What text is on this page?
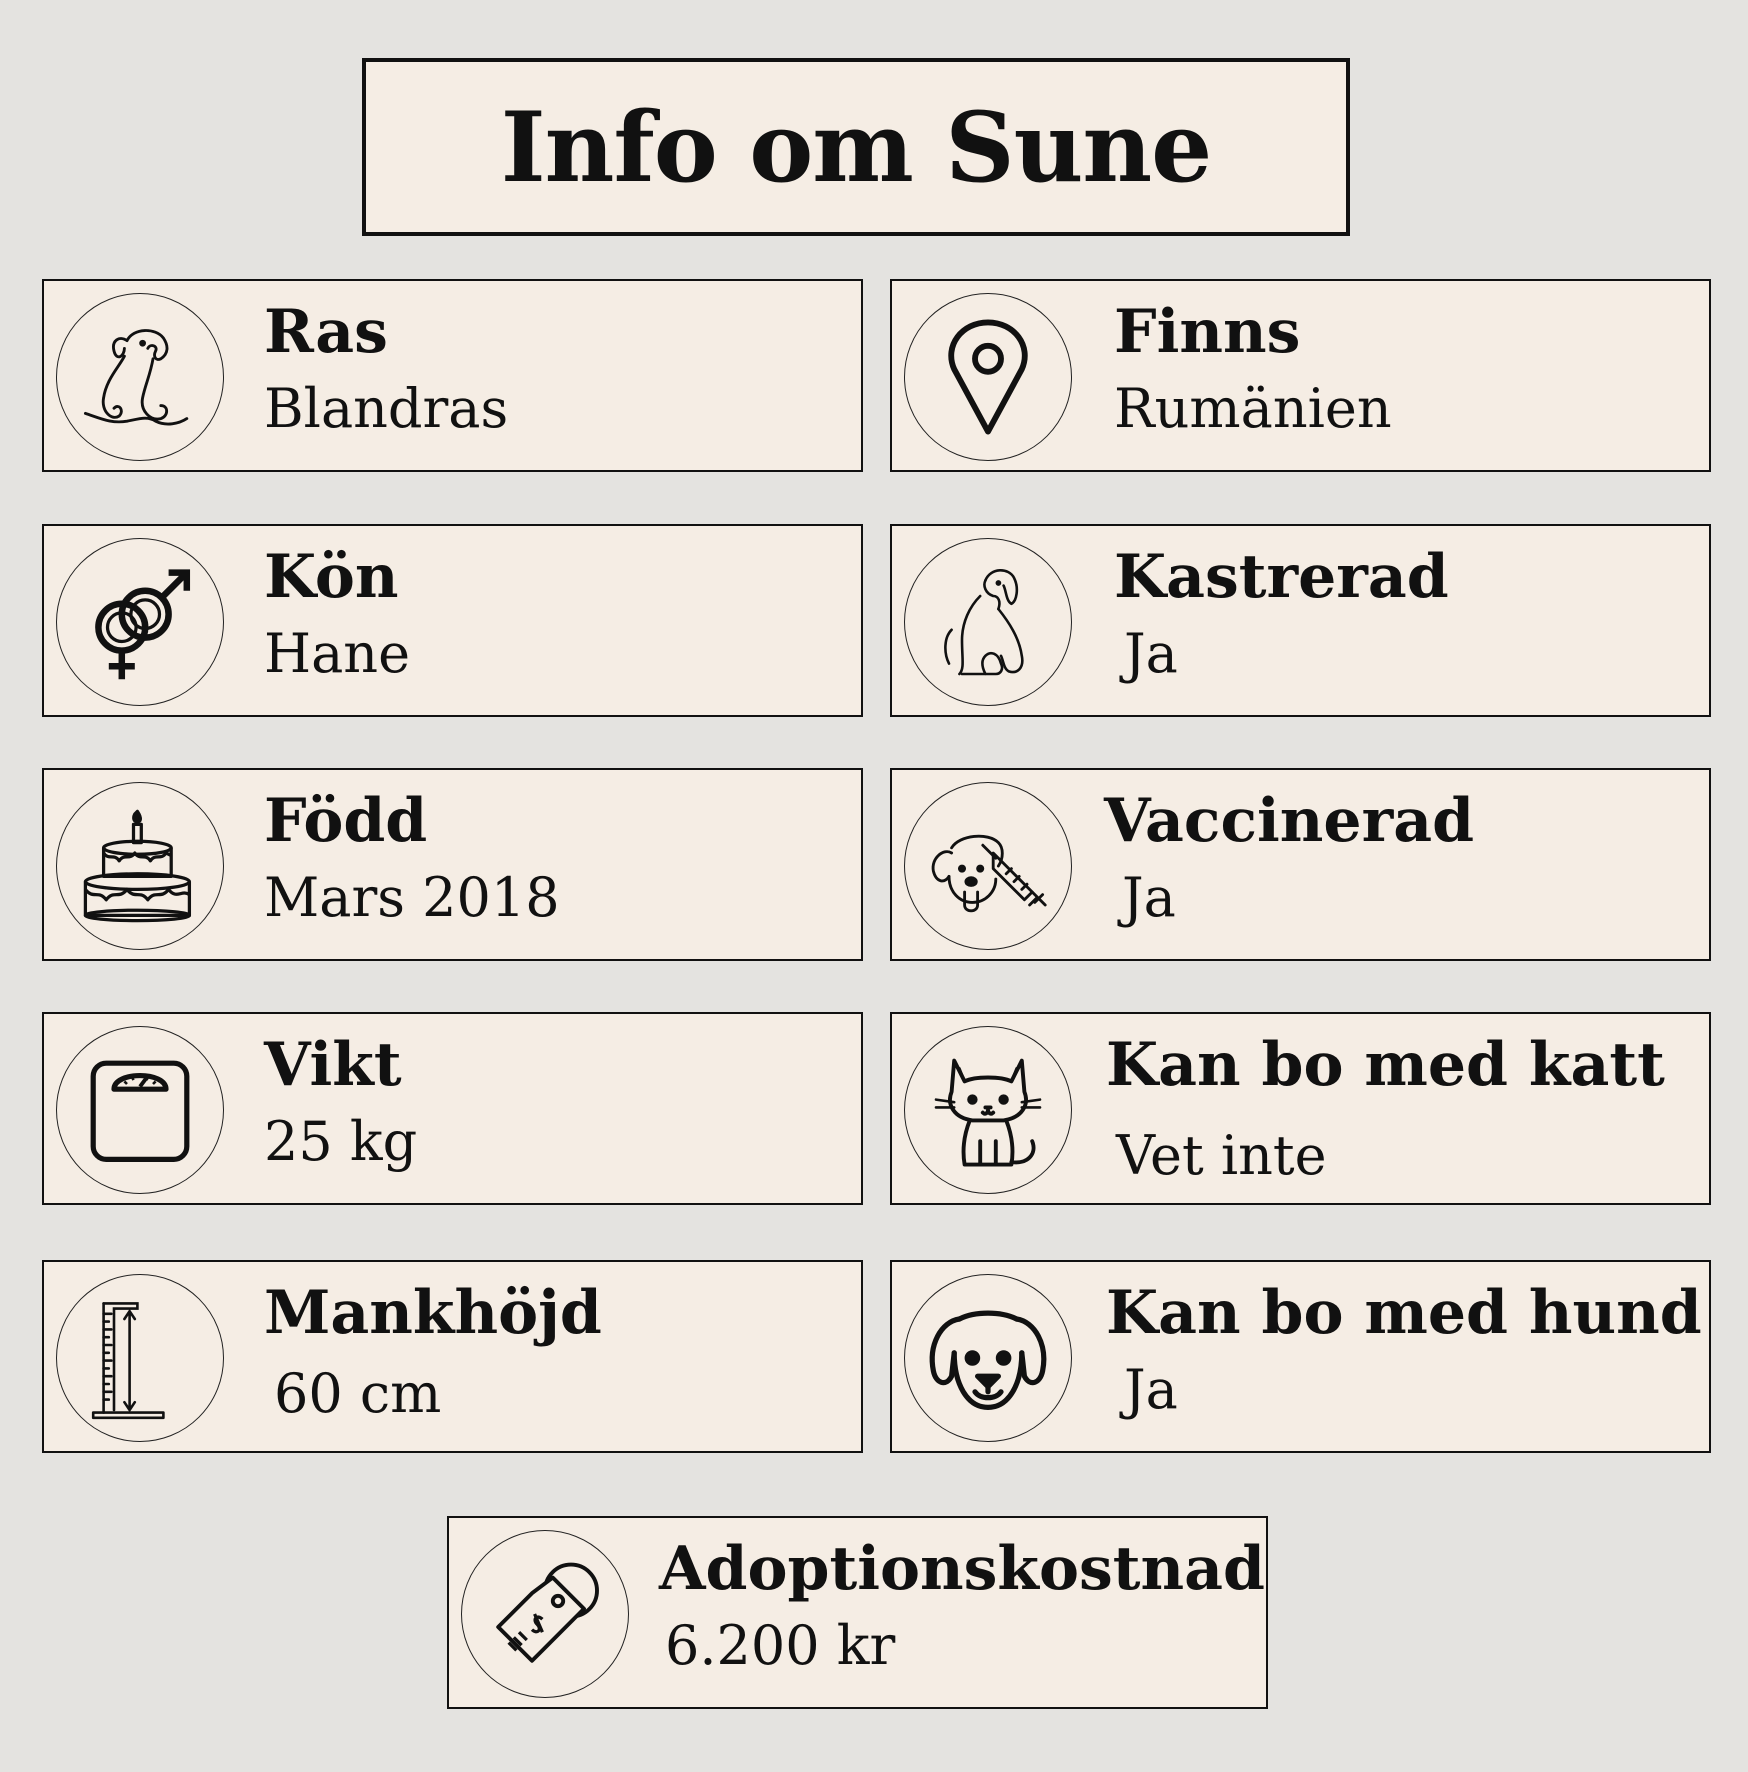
Info om Sune
Ras
Blandras
Finns
Rumänien
Kön
Hane
Kastrerad
Ja
Född
Mars 2018
Vaccinerad
Ja
Vikt
25 kg
Kan bo med katt
Vet inte
Mankhöjd
60 cm
Kan bo med hund
Ja
Adoptionskostnad
6.200 kr
